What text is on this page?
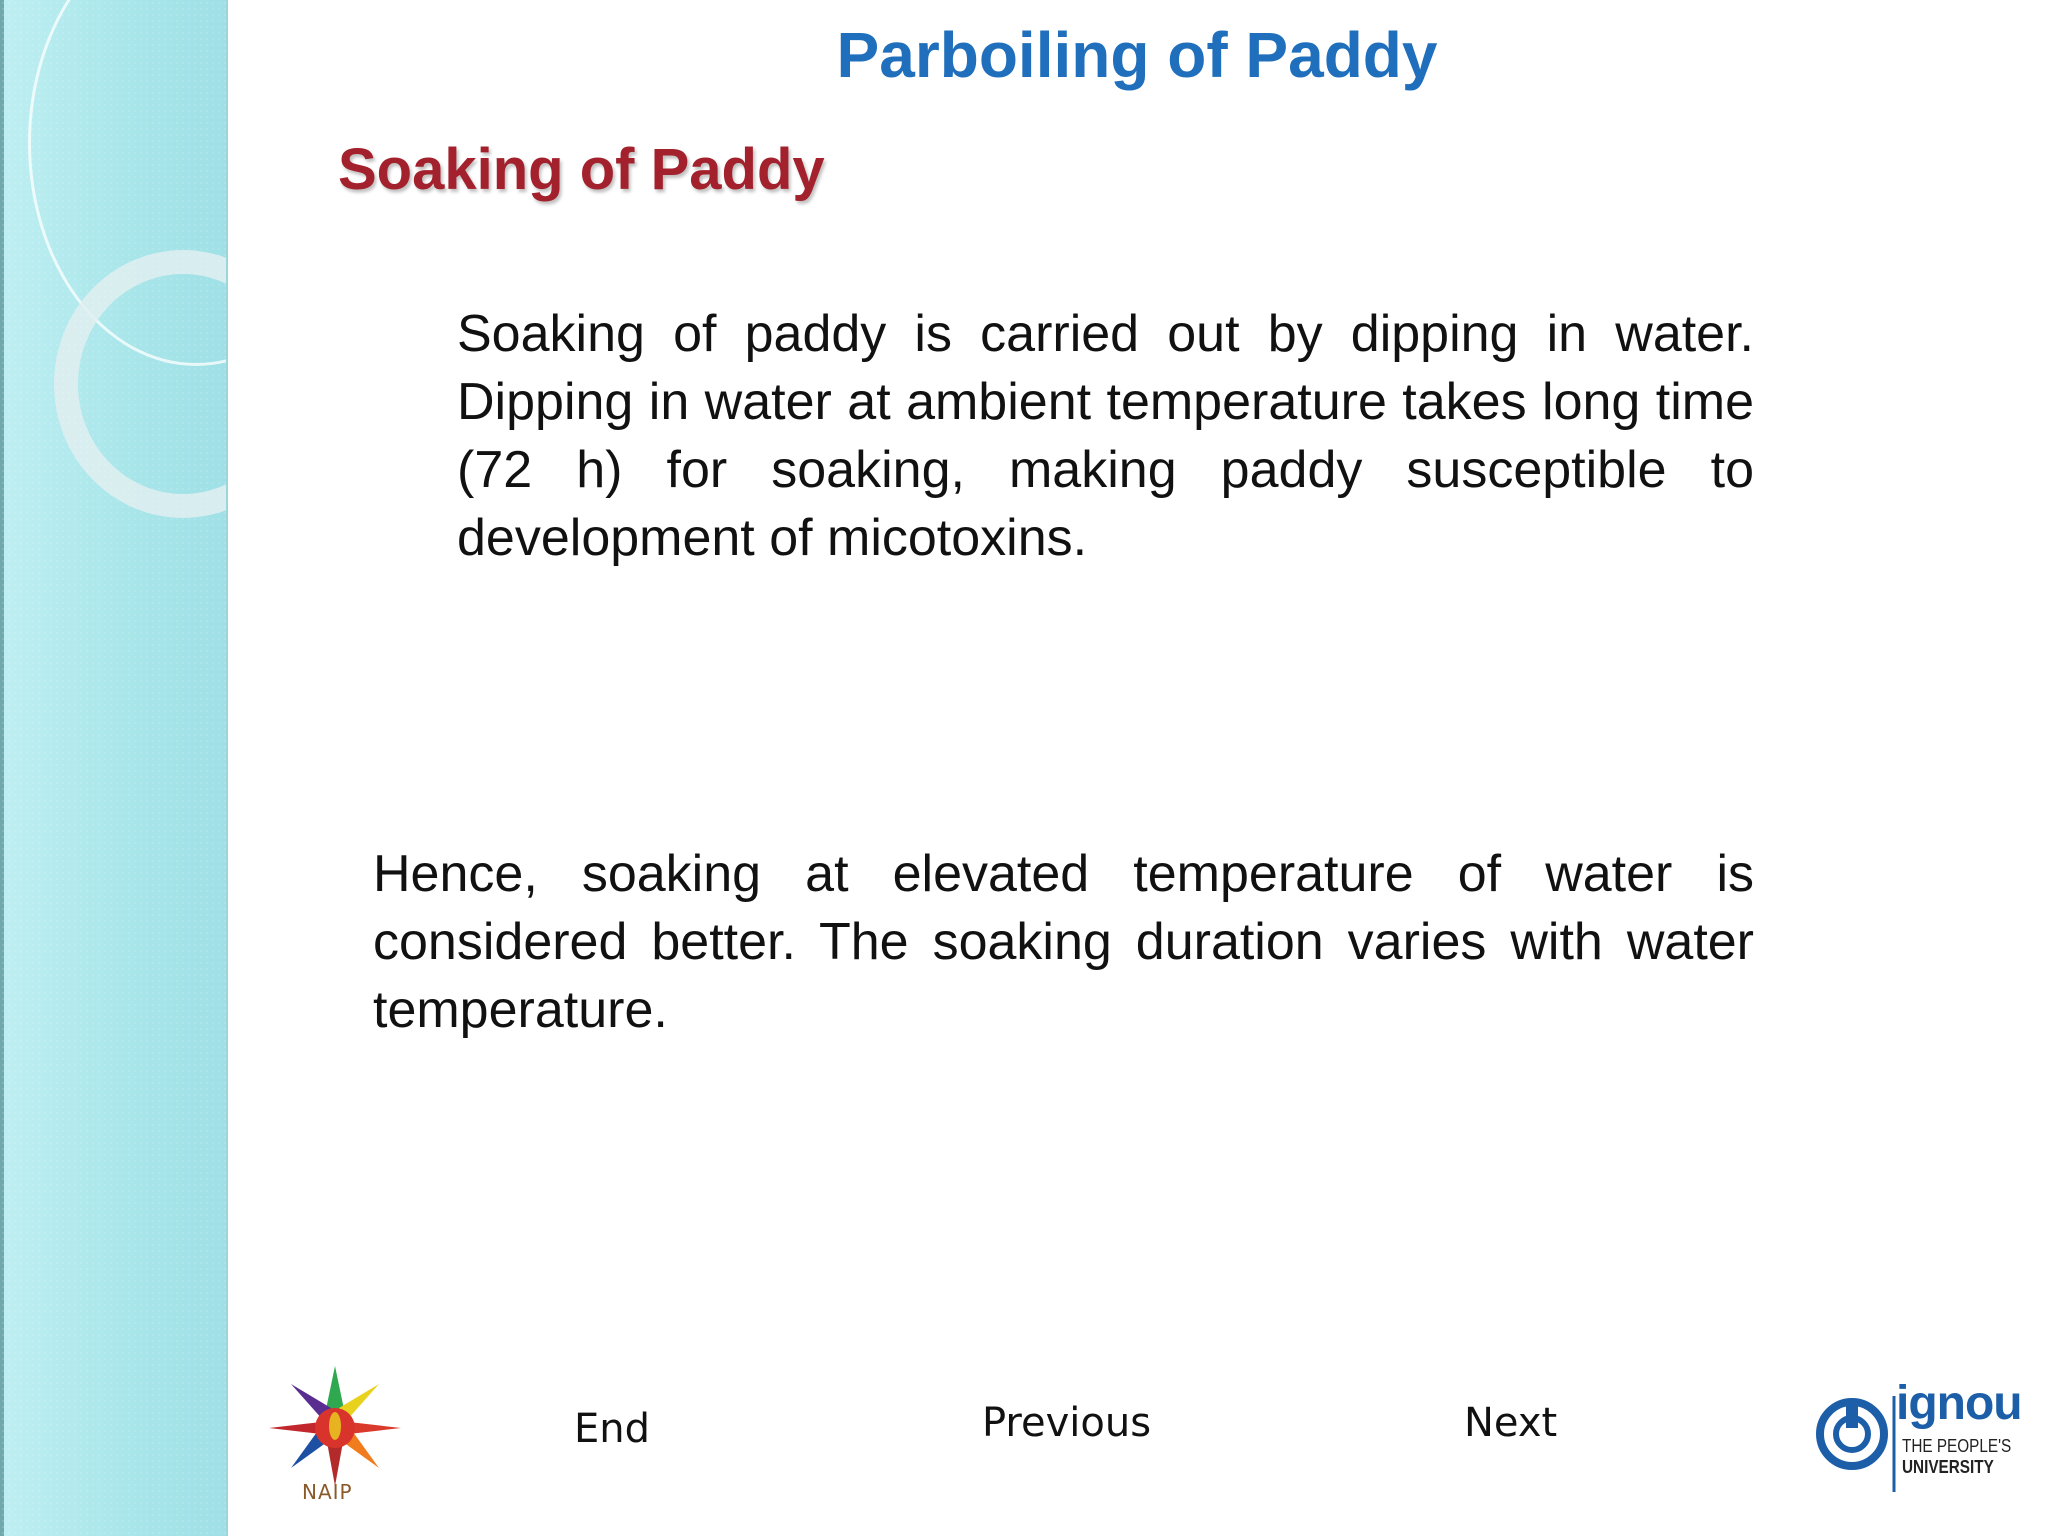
Parboiling of Paddy
Soaking of Paddy
Soaking of paddy is carried out by dipping in water. Dipping in water at ambient temperature takes long time (72 h) for soaking, making paddy susceptible to development of micotoxins.
Hence, soaking at elevated temperature of water is considered better. The soaking duration varies with water temperature.
NAIP
End	Previous	Next	ignou
THE PEOPLE'S
UNIVERSITY
